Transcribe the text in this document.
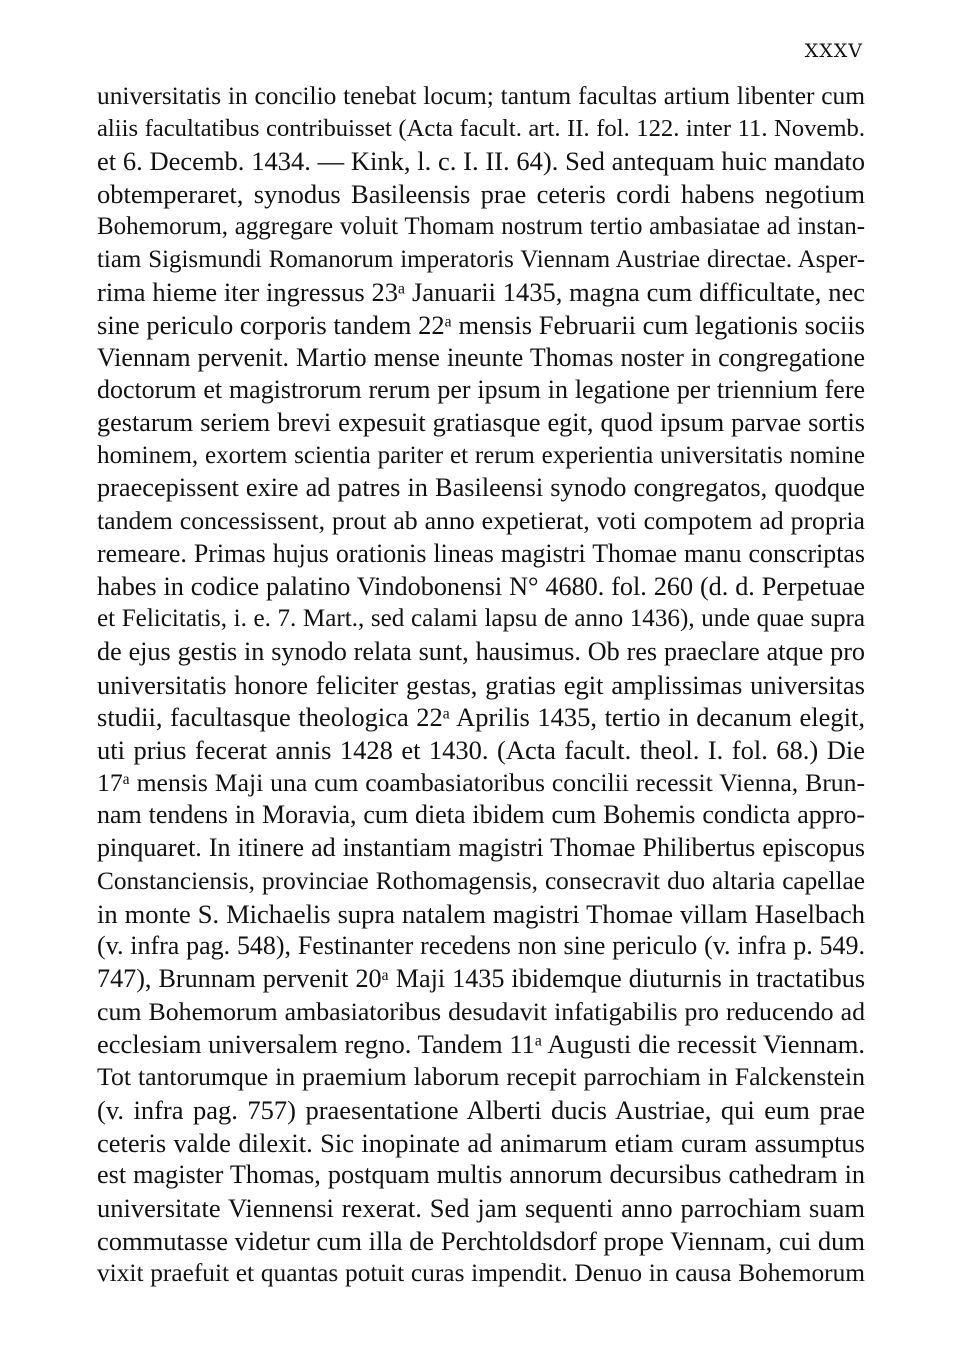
XXXV
universitatis in concilio tenebat locum; tantum facultas artium libenter cum
aliis facultatibus contribuisset (Acta facult. art. II. fol. 122. inter 11. Novemb.
et 6. Decemb. 1434. — Kink, l. c. I. II. 64). Sed antequam huic mandato
obtemperaret, synodus Basileensis prae ceteris cordi habens negotium
Bohemorum, aggregare voluit Thomam nostrum tertio ambasiatae ad instan-
tiam Sigismundi Romanorum imperatoris Viennam Austriae directae. Asper-
rima hieme iter ingressus 23ᵃ Januarii 1435, magna cum difficultate, nec
sine periculo corporis tandem 22ᵃ mensis Februarii cum legationis sociis
Viennam pervenit. Martio mense ineunte Thomas noster in congregatione
doctorum et magistrorum rerum per ipsum in legatione per triennium fere
gestarum seriem brevi expesuit gratiasque egit, quod ipsum parvae sortis
hominem, exortem scientia pariter et rerum experientia universitatis nomine
praecepissent exire ad patres in Basileensi synodo congregatos, quodque
tandem concessissent, prout ab anno expetierat, voti compotem ad propria
remeare. Primas hujus orationis lineas magistri Thomae manu conscriptas
habes in codice palatino Vindobonensi N° 4680. fol. 260 (d. d. Perpetuae
et Felicitatis, i. e. 7. Mart., sed calami lapsu de anno 1436), unde quae supra
de ejus gestis in synodo relata sunt, hausimus. Ob res praeclare atque pro
universitatis honore feliciter gestas, gratias egit amplissimas universitas
studii, facultasque theologica 22ᵃ Aprilis 1435, tertio in decanum elegit,
uti prius fecerat annis 1428 et 1430. (Acta facult. theol. I. fol. 68.) Die
17ᵃ mensis Maji una cum coambasiatoribus concilii recessit Vienna, Brun-
nam tendens in Moravia, cum dieta ibidem cum Bohemis condicta appro-
pinquaret. In itinere ad instantiam magistri Thomae Philibertus episcopus
Constanciensis, provinciae Rothomagensis, consecravit duo altaria capellae
in monte S. Michaelis supra natalem magistri Thomae villam Haselbach
(v. infra pag. 548), Festinanter recedens non sine periculo (v. infra p. 549.
747), Brunnam pervenit 20ᵃ Maji 1435 ibidemque diuturnis in tractatibus
cum Bohemorum ambasiatoribus desudavit infatigabilis pro reducendo ad
ecclesiam universalem regno. Tandem 11ᵃ Augusti die recessit Viennam.
Tot tantorumque in praemium laborum recepit parrochiam in Falckenstein
(v. infra pag. 757) praesentatione Alberti ducis Austriae, qui eum prae
ceteris valde dilexit. Sic inopinate ad animarum etiam curam assumptus
est magister Thomas, postquam multis annorum decursibus cathedram in
universitate Viennensi rexerat. Sed jam sequenti anno parrochiam suam
commutasse videtur cum illa de Perchtoldsdorf prope Viennam, cui dum
vixit praefuit et quantas potuit curas impendit. Denuo in causa Bohemorum
